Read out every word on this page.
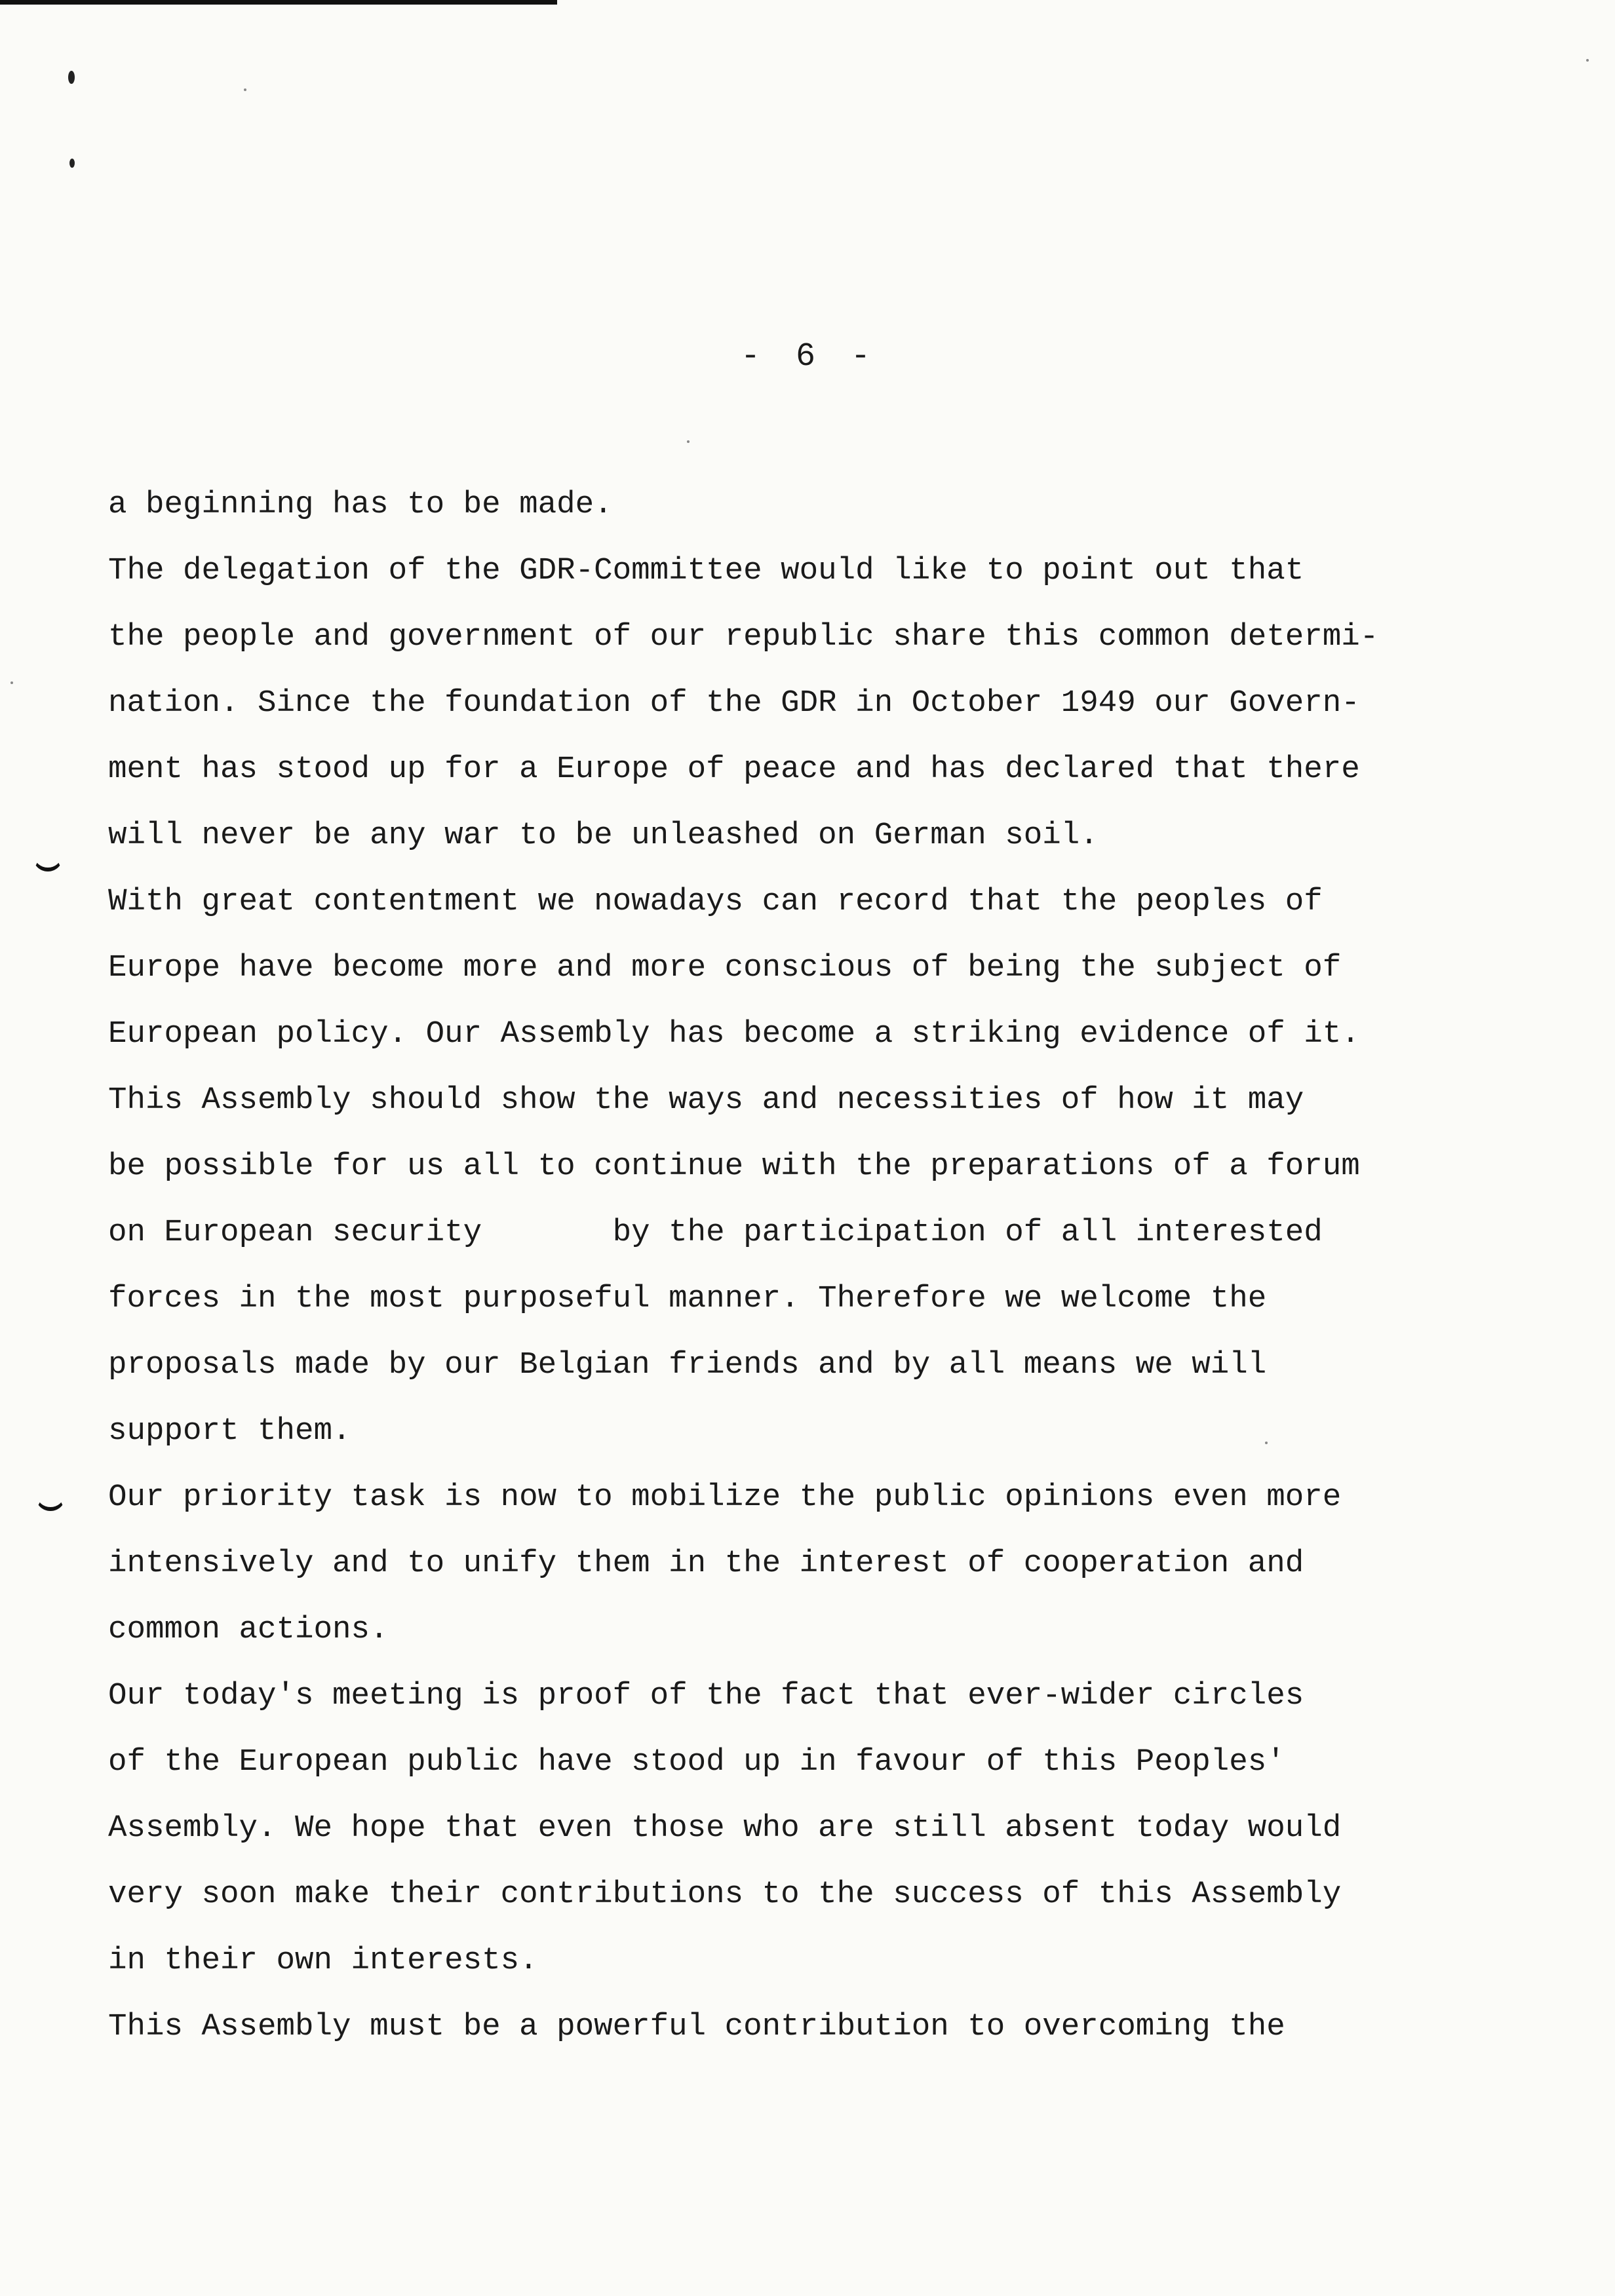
- 6 -
a beginning has to be made.
The delegation of the GDR-Committee would like to point out that
the people and government of our republic share this common determi-
nation. Since the foundation of the GDR in October 1949 our Govern-
ment has stood up for a Europe of peace and has declared that there
will never be any war to be unleashed on German soil.
With great contentment we nowadays can record that the peoples of
Europe have become more and more conscious of being the subject of
European policy. Our Assembly has become a striking evidence of it.
This Assembly should show the ways and necessities of how it may
be possible for us all to continue with the preparations of a forum
on European security       by the participation of all interested
forces in the most purposeful manner. Therefore we welcome the
proposals made by our Belgian friends and by all means we will
support them.
Our priority task is now to mobilize the public opinions even more
intensively and to unify them in the interest of cooperation and
common actions.
Our today's meeting is proof of the fact that ever-wider circles
of the European public have stood up in favour of this Peoples'
Assembly. We hope that even those who are still absent today would
very soon make their contributions to the success of this Assembly
in their own interests.
This Assembly must be a powerful contribution to overcoming the
